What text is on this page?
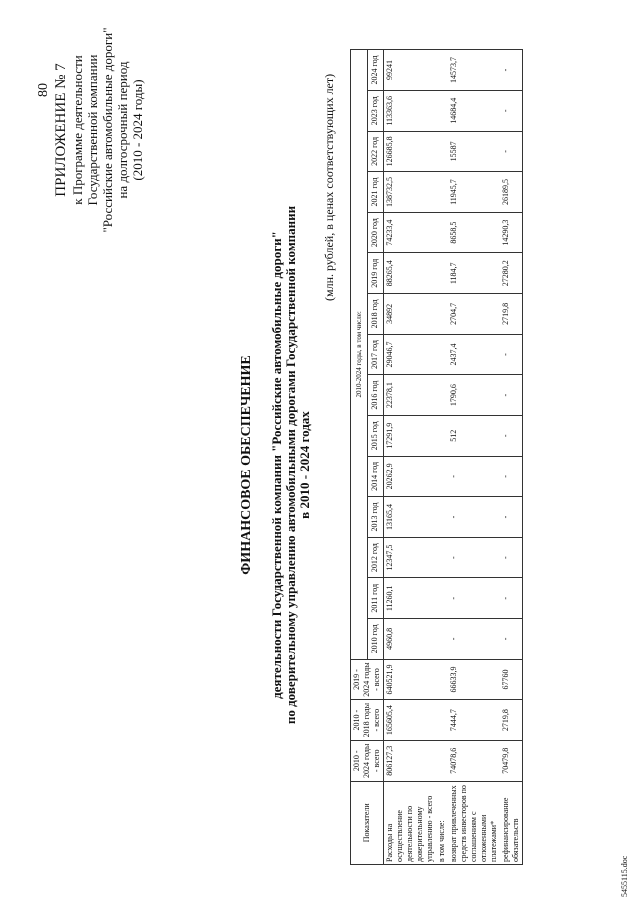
80 ПРИЛОЖЕНИЕ № 7 к Программе деятельности Государственной компании "Российские автомобильные дороги" на долгосрочный период (2010 - 2024 годы)
ФИНАНСОВОЕ ОБЕСПЕЧЕНИЕ деятельности Государственной компании "Российские автомобильные дороги" по доверительному управлению автомобильными дорогами Государственной компании в 2010 - 2024 годах
(млн. рублей, в ценах соответствующих лет)
Показатели	2010 - 2024 годы - всего	2010 - 2018 годы - всего	2019 - 2024 годы - всего	2010-2024 годы, в том числе:														
				2010 год	2011 год	2012 год	2013 год	2014 год	2015 год	2016 год	2017 год	2018 год	2019 год	2020 год	2021 год	2022 год	2023 год	2024 год
Расходы на осуществление деятельности по доверительному управлению - всего	806127,3	165605,4	640521,9	4960,8	11260,1	12347,5	13165,4	20262,9	17291,9	22378,1	29046,7	34892	88265,4	74233,4	138732,5	126685,8	113363,6	99241
в том числе:																		
возврат привлеченных средств инвесторов по соглашениям с отложенными платежами*	74078,6	7444,7	66633,9	-	-	-	-	-	512	1790,6	2437,4	2704,7	1184,7	8658,5	11945,7	15587	14684,4	14573,7
рефинансирование обязательств	70479,8	2719,8	67760	-	-	-	-	-	-	-	-	2719,8	27280,2	14290,3	26189,5	-	-	-
5455115.doc
